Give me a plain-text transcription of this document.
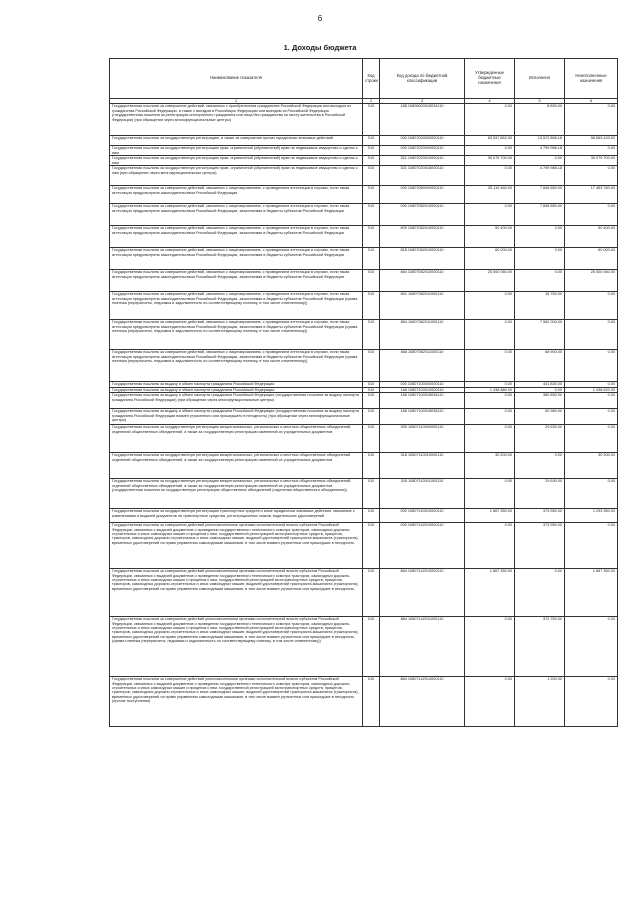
6
1. Доходы бюджета
Наименование показателя	Код строки	Код дохода по бюджетной классификации	Утвержденные бюджетные назначения	Исполнено	Неисполненные назначения
1	2	3	4	5	6
Государственная пошлина за совершение действий, связанных с приобретением гражданства Российской Федерации или выходом из гражданства Российской Федерации, а также с въездом в Российскую Федерацию или выездом из Российской Федерации (государственная пошлина за регистрацию иностранного гражданина или лица без гражданства по месту жительства в Российской Федерации) (при обращении через многофункциональные центры)	010	188 10806000018034110	0.00	8 890.00	0.00
Государственная пошлина за государственную регистрацию, а также за совершение прочих юридически значимых действий	010	000 10807000000000110	63 537 862.00	13 572 896.18	58 663 433.52
Государственная пошлина за государственную регистрацию прав, ограничений (обременений) прав на недвижимое имущество и сделок с ним	010	000 10807020000000110	0.00	4 799 988.18	0.00
Государственная пошлина за государственную регистрацию прав, ограничений (обременений) прав на недвижимое имущество и сделок с ним	010	321 10807020010000110	39 079 700.00	0.00	39 079 700.00
Государственная пошлина за государственную регистрацию прав, ограничений (обременений) прав на недвижимое имущество и сделок с ним (при обращении через многофункциональные центры)	010	321 10807020018000110	0.00	4 799 988.18	0.00
Государственная пошлина за совершение действий, связанных с лицензированием, с проведением аттестации в случаях, если такая аттестация предусмотрена законодательством Российской Федерации	010	000 10807080000000110	25 110 460.00	7 846 650.00	17 463 760.00
Государственная пошлина за совершение действий, связанных с лицензированием, с проведением аттестации в случаях, если такая аттестация предусмотрена законодательством Российской Федерации, зачисляемая в бюджеты субъектов Российской Федерации	010	000 10807082010000110	0.00	7 846 650.00	0.00
Государственная пошлина за совершение действий, связанных с лицензированием, с проведением аттестации в случаях, если такая аттестация предусмотрена законодательством Российской Федерации, зачисляемая в бюджеты субъектов Российской Федерации	010	809 10807082010000110	50 400.00	0.00	50 400.00
Государственная пошлина за совершение действий, связанных с лицензированием, с проведением аттестации в случаях, если такая аттестация предусмотрена законодательством Российской Федерации, зачисляемая в бюджеты субъектов Российской Федерации	010	818 10807082010000110	60 000.00	0.00	60 000.00
Государственная пошлина за совершение действий, связанных с лицензированием, с проведением аттестации в случаях, если такая аттестация предусмотрена законодательством Российской Федерации, зачисляемая в бюджеты субъектов Российской Федерации	010	864 10807082010000110	25 000 060.00	0.00	25 000 060.00
Государственная пошлина за совершение действий, связанных с лицензированием, с проведением аттестации в случаях, если такая аттестация предусмотрена законодательством Российской Федерации, зачисляемая в бюджеты субъектов Российской Федерации (сумма платежа (перерасчеты, недоимка и задолженность по соответствующему платежу, в том числе отмененному))	010	801 10807082011000110	0.00	15 750.00	0.00
Государственная пошлина за совершение действий, связанных с лицензированием, с проведением аттестации в случаях, если такая аттестация предусмотрена законодательством Российской Федерации, зачисляемая в бюджеты субъектов Российской Федерации (сумма платежа (перерасчеты, недоимка и задолженность по соответствующему платежу, в том числе отмененному))	010	864 10807082011000110	0.00	7 582 000.00	0.00
Государственная пошлина за совершение действий, связанных с лицензированием, с проведением аттестации в случаях, если такая аттестация предусмотрена законодательством Российской Федерации, зачисляемая в бюджеты субъектов Российской Федерации (сумма платежа (перерасчеты, недоимка и задолженность по соответствующему платежу, в том числе отмененному))	010	868 10807082011000110	0.00	68 900.00	0.00
Государственная пошлина за выдачу и обмен паспорта гражданина Российской Федерации	010	000 10807100000000110	0.00	441 830.00	0.00
Государственная пошлина за выдачу и обмен паспорта гражданина Российской Федерации	010	188 10807100010000110	1 438 880.00	0.00	1 438 620.00
Государственная пошлина за выдачу и обмен паспорта гражданина Российской Федерации (государственная пошлина за выдачу паспорта гражданина Российской Федерации) (при обращении через многофункциональные центры)	010	188 10807100018034110	0.00	380 890.00	0.00
Государственная пошлина за выдачу и обмен паспорта гражданина Российской Федерации (государственная пошлина за выдачу паспорта гражданина Российской Федерации взамен утраченного или пришедшего в негодность) (при обращении через многофункциональные центры)	010	188 10807100018035110	0.00	60 980.00	0.00
Государственная пошлина за государственную регистрацию межрегиональных, региональных и местных общественных объединений, отделений общественных объединений, а также за государственную регистрацию изменений их учредительных документов	010	000 10807110000000110	0.00	29 630.00	0.00
Государственная пошлина за государственную регистрацию межрегиональных, региональных и местных общественных объединений, отделений общественных объединений, а также за государственную регистрацию изменений их учредительных документов	010	318 10807110010000110	30 200.00	0.00	30 200.00
Государственная пошлина за государственную регистрацию межрегиональных, региональных и местных общественных объединений, отделений общественных объединений, а также за государственную регистрацию изменений их учредительных документов (государственная пошлина за государственную регистрацию общественных объединений (отделения общественного объединения))	010	318 10807110011000110	0.00	29 630.00	0.00
Государственная пошлина за государственную регистрацию транспортных средств и иные юридически значимые действия, связанные с изменениями и выдачей документов на транспортные средства, регистрационных знаков, водительских удостоверений	010	000 10807140010000110	1 667 350.00	373 950.00	1 293 350.00
Государственная пошлина за совершение действий уполномоченными органами исполнительной власти субъектов Российской Федерации, связанных с выдачей документов о проведении государственного технического осмотра тракторов, самоходных дорожно-строительных и иных самоходных машин и прицепов к ним, государственной регистрацией мототранспортных средств, прицепов, тракторов, самоходных дорожно-строительных и иных самоходных машин, выдачей удостоверений тракториста-машиниста (тракториста), временных удостоверений на право управления самоходными машинами, в том числе взамен утраченных или пришедших в негодность	010	000 10807142010000110	0.00	373 950.00	0.00
Государственная пошлина за совершение действий уполномоченными органами исполнительной власти субъектов Российской Федерации, связанных с выдачей документов о проведении государственного технического осмотра тракторов, самоходных дорожно-строительных и иных самоходных машин и прицепов к ним, государственной регистрацией мототранспортных средств, прицепов, тракторов, самоходных дорожно-строительных и иных самоходных машин, выдачей удостоверений тракториста-машиниста (тракториста), временных удостоверений на право управления самоходными машинами, в том числе взамен утраченных или пришедших в негодность	010	864 10807142010000110	1 667 350.00	0.00	1 667 350.00
Государственная пошлина за совершение действий уполномоченными органами исполнительной власти субъектов Российской Федерации, связанных с выдачей документов о проведении государственного технического осмотра тракторов, самоходных дорожно-строительных и иных самоходных машин и прицепов к ним, государственной регистрацией мототранспортных средств, прицепов, тракторов, самоходных дорожно-строительных и иных самоходных машин, выдачей удостоверений тракториста-машиниста (тракториста), временных удостоверений на право управления самоходными машинами, в том числе взамен утраченных или пришедших в негодность (сумма платежа (перерасчеты, недоимка и задолженность по соответствующему платежу, в том числе отмененному))	010	864 10807142011000110	0.00	372 750.00	0.00
Государственная пошлина за совершение действий уполномоченными органами исполнительной власти субъектов Российской Федерации, связанных с выдачей документов о проведении государственного технического осмотра тракторов, самоходных дорожно-строительных и иных самоходных машин и прицепов к ним, государственной регистрацией мототранспортных средств, прицепов, тракторов, самоходных дорожно-строительных и иных самоходных машин, выдачей удостоверений тракториста-машиниста (тракториста), временных удостоверений на право управления самоходными машинами, в том числе взамен утраченных или пришедших в негодность (прочие поступления)	010	864 10807142014000110	0.00	1 200.00	0.00
